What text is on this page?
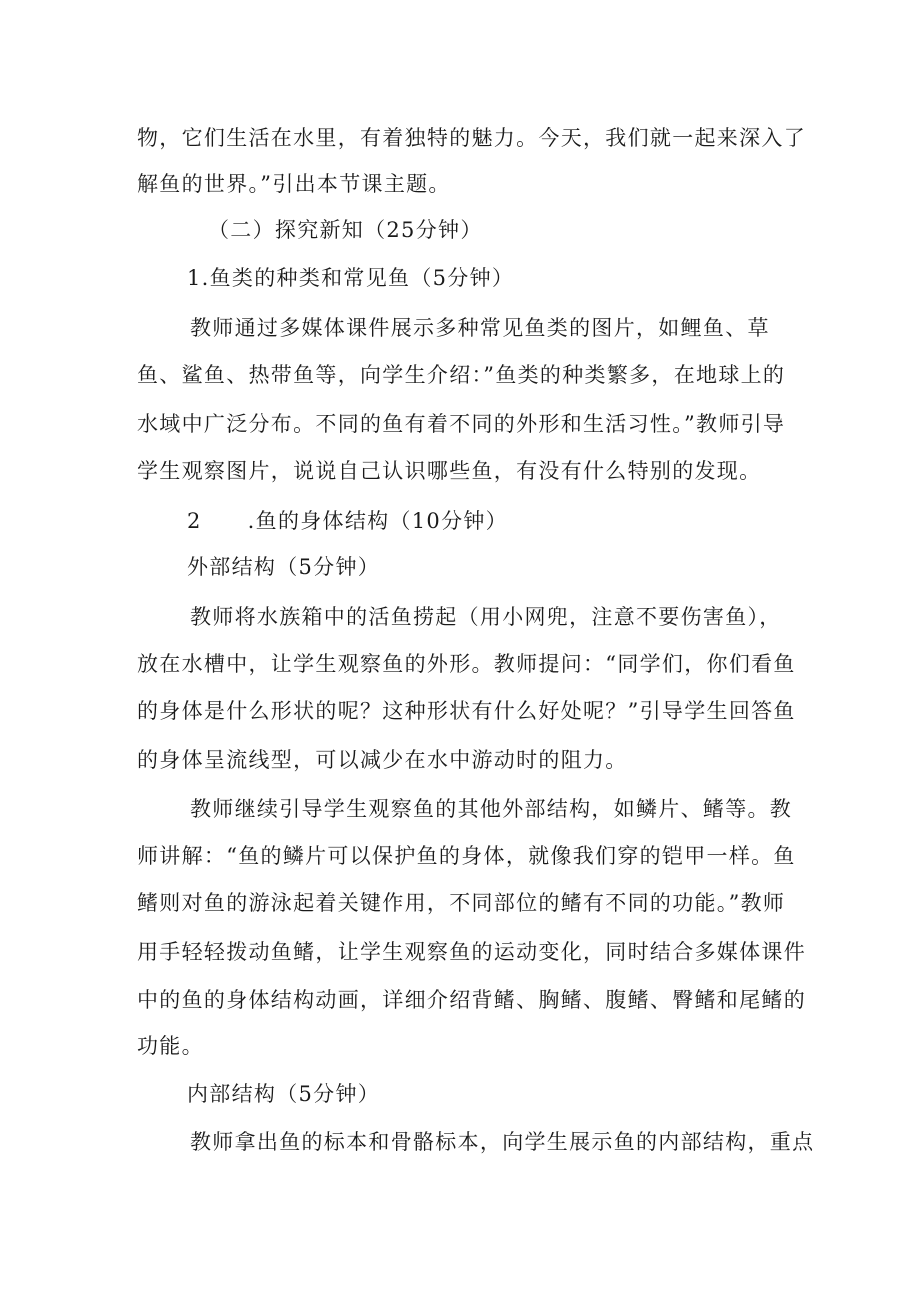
物，它们生活在水里，有着独特的魅力。今天，我们就一起来深入了
解鱼的世界。”引出本节课主题。
（二）探究新知（25分钟）
1.鱼类的种类和常见鱼（5分钟）
教师通过多媒体课件展示多种常见鱼类的图片，如鲤鱼、草
鱼、鲨鱼、热带鱼等，向学生介绍：”鱼类的种类繁多，在地球上的
水域中广泛分布。不同的鱼有着不同的外形和生活习性。”教师引导
学生观察图片，说说自己认识哪些鱼，有没有什么特别的发现。
2 .鱼的身体结构（10分钟）
外部结构（5分钟）
教师将水族箱中的活鱼捞起（用小网兜，注意不要伤害鱼），
放在水槽中，让学生观察鱼的外形。教师提问：“同学们，你们看鱼
的身体是什么形状的呢？这种形状有什么好处呢？”引导学生回答鱼
的身体呈流线型，可以减少在水中游动时的阻力。
教师继续引导学生观察鱼的其他外部结构，如鳞片、鳍等。教
师讲解：“鱼的鳞片可以保护鱼的身体，就像我们穿的铠甲一样。鱼
鳍则对鱼的游泳起着关键作用，不同部位的鳍有不同的功能。”教师
用手轻轻拨动鱼鳍，让学生观察鱼的运动变化，同时结合多媒体课件
中的鱼的身体结构动画，详细介绍背鳍、胸鳍、腹鳍、臀鳍和尾鳍的
功能。
内部结构（5分钟）
教师拿出鱼的标本和骨骼标本，向学生展示鱼的内部结构，重点
